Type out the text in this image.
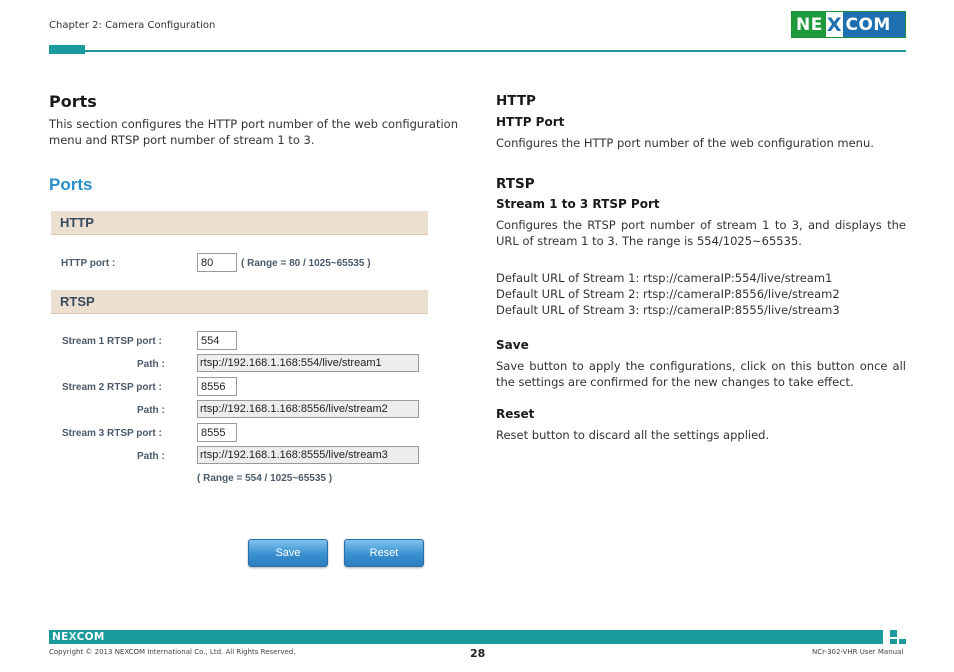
Chapter 2: Camera Configuration	NE X COM
Ports
This section configures the HTTP port number of the web configuration menu and RTSP port number of stream 1 to 3.
Ports
HTTP
HTTP port :	80	( Range = 80 / 1025~65535 )
RTSP
Stream 1 RTSP port :	554
Path :	rtsp://192.168.1.168:554/live/stream1
Stream 2 RTSP port :	8556
Path :	rtsp://192.168.1.168:8556/live/stream2
Stream 3 RTSP port :	8555
Path :	rtsp://192.168.1.168:8555/live/stream3
( Range = 554 / 1025~65535 )
Save	Reset
HTTP
HTTP Port
Configures the HTTP port number of the web configuration menu.
RTSP
Stream 1 to 3 RTSP Port
Configures the RTSP port number of stream 1 to 3, and displays the URL of stream 1 to 3. The range is 554/1025~65535.
Default URL of Stream 1: rtsp://cameraIP:554/live/stream1
Default URL of Stream 2: rtsp://cameraIP:8556/live/stream2
Default URL of Stream 3: rtsp://cameraIP:8555/live/stream3
Save
Save button to apply the configurations, click on this button once all the settings are confirmed for the new changes to take effect.
Reset
Reset button to discard all the settings applied.
NEXCOM
Copyright © 2013 NEXCOM International Co., Ltd. All Rights Reserved.	28	NCr-302-VHR User Manual
